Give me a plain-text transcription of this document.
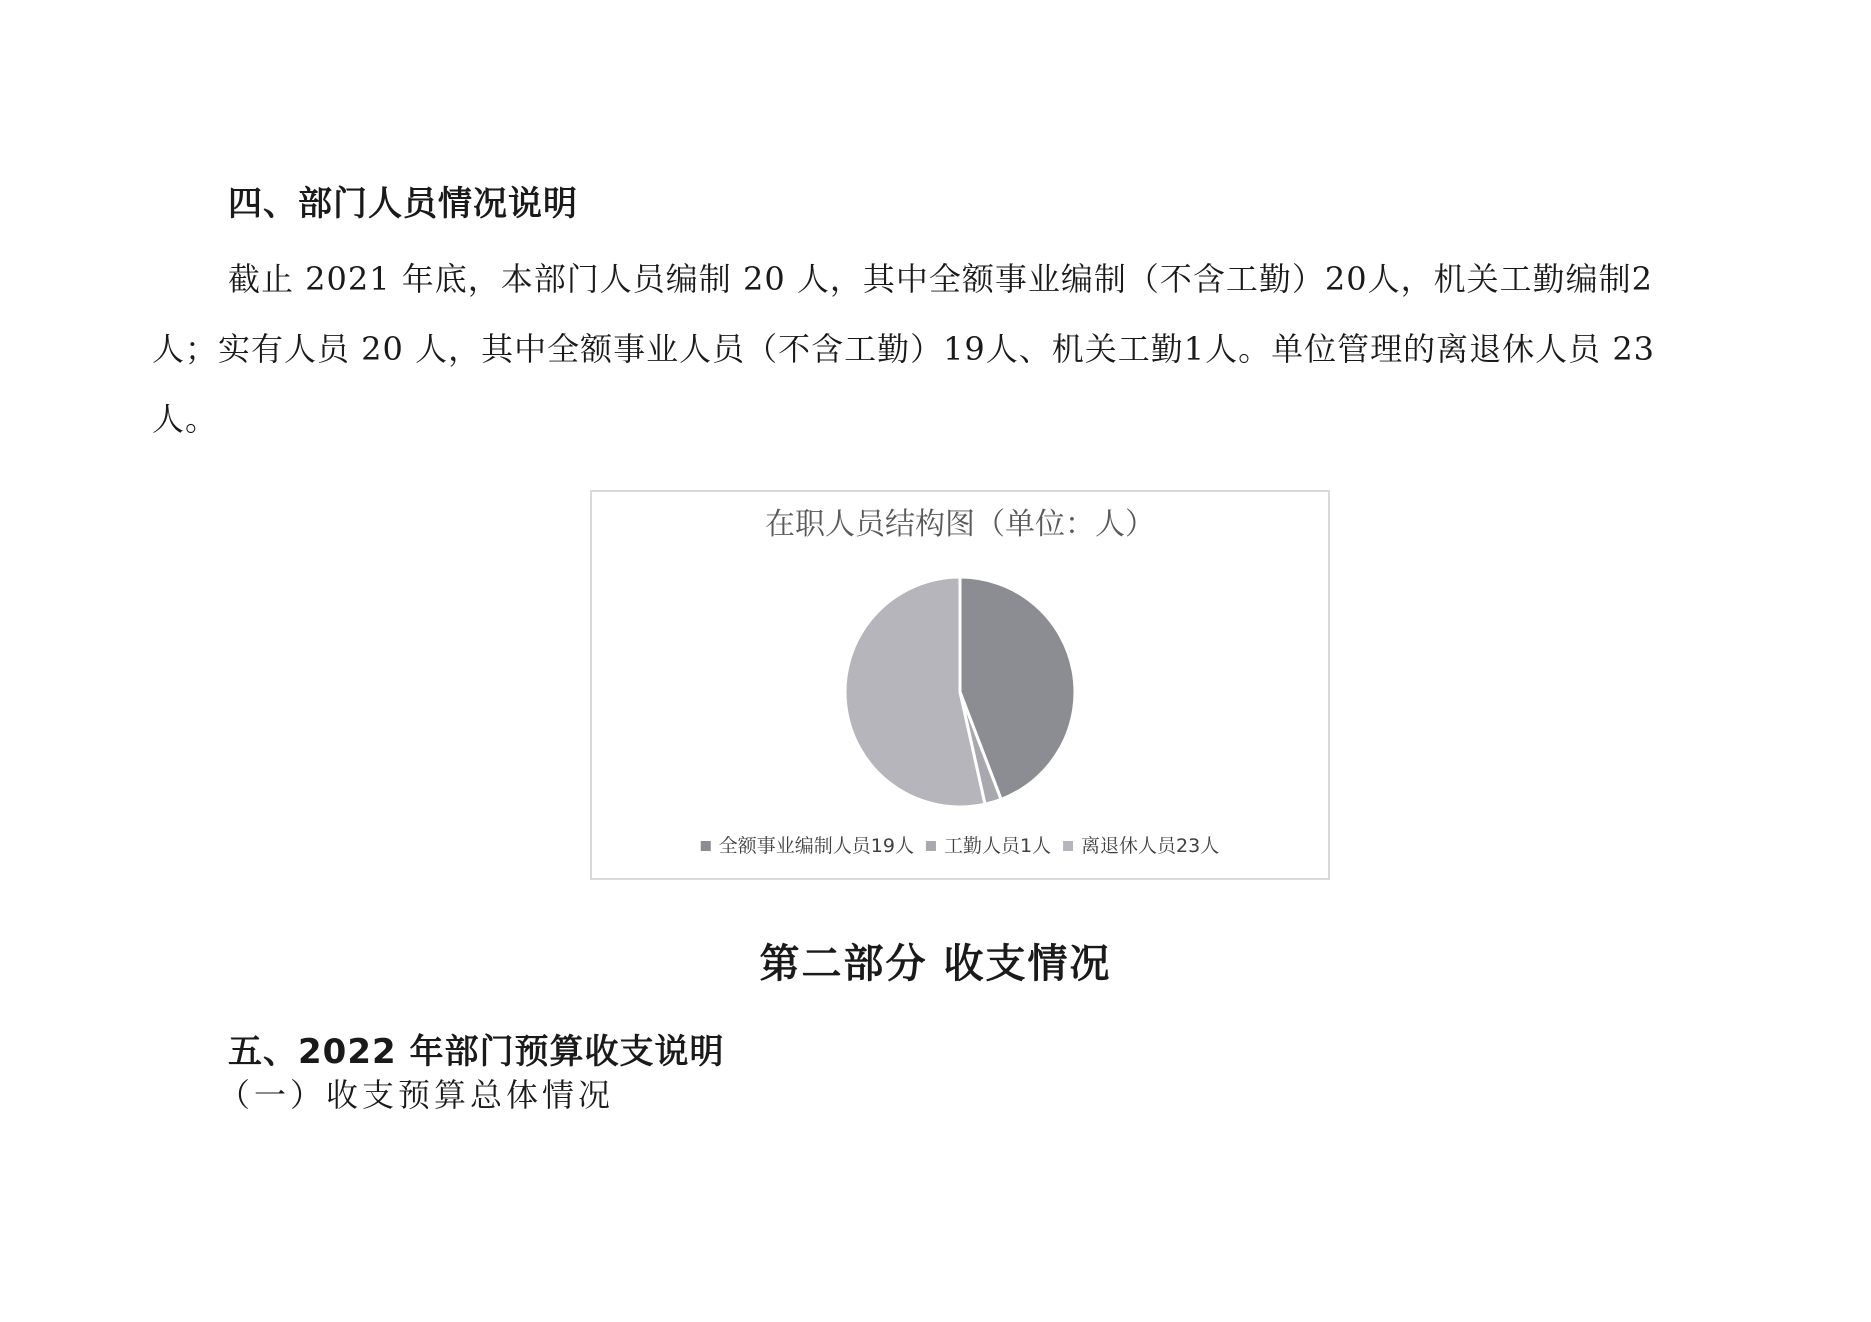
四、部门人员情况说明

截止 2021 年底，本部门人员编制 20 人，其中全额事业编制（不含工勤）20人，机关工勤编制2人；实有人员 20 人，其中全额事业人员（不含工勤）19人、机关工勤1人。单位管理的离退休人员 23 人。

在职人员结构图（单位：人）
全额事业编制人员19人 工勤人员1人 离退休人员23人
第二部分 收支情况
五、2022 年部门预算收支说明

（一）收支预算总体情况
